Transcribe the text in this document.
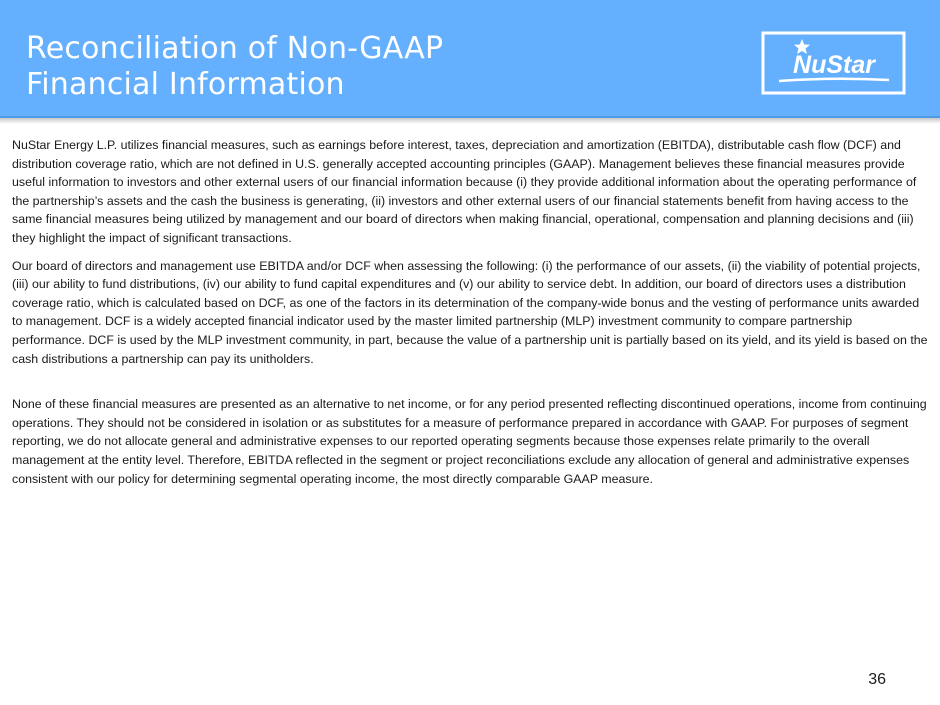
Reconciliation of Non-GAAP
Financial Information
NuStar

NuStar Energy L.P. utilizes financial measures, such as earnings before interest, taxes, depreciation and amortization (EBITDA), distributable cash flow (DCF) and distribution coverage ratio, which are not defined in U.S. generally accepted accounting principles (GAAP). Management believes these financial measures provide useful information to investors and other external users of our financial information because (i) they provide additional information about the operating performance of the partnership’s assets and the cash the business is generating, (ii) investors and other external users of our financial statements benefit from having access to the same financial measures being utilized by management and our board of directors when making financial, operational, compensation and planning decisions and (iii) they highlight the impact of significant transactions.

Our board of directors and management use EBITDA and/or DCF when assessing the following: (i) the performance of our assets, (ii) the viability of potential projects, (iii) our ability to fund distributions, (iv) our ability to fund capital expenditures and (v) our ability to service debt. In addition, our board of directors uses a distribution coverage ratio, which is calculated based on DCF, as one of the factors in its determination of the company-wide bonus and the vesting of performance units awarded to management. DCF is a widely accepted financial indicator used by the master limited partnership (MLP) investment community to compare partnership performance. DCF is used by the MLP investment community, in part, because the value of a partnership unit is partially based on its yield, and its yield is based on the cash distributions a partnership can pay its unitholders.

None of these financial measures are presented as an alternative to net income, or for any period presented reflecting discontinued operations, income from continuing operations. They should not be considered in isolation or as substitutes for a measure of performance prepared in accordance with GAAP. For purposes of segment reporting, we do not allocate general and administrative expenses to our reported operating segments because those expenses relate primarily to the overall management at the entity level. Therefore, EBITDA reflected in the segment or project reconciliations exclude any allocation of general and administrative expenses consistent with our policy for determining segmental operating income, the most directly comparable GAAP measure.

36
